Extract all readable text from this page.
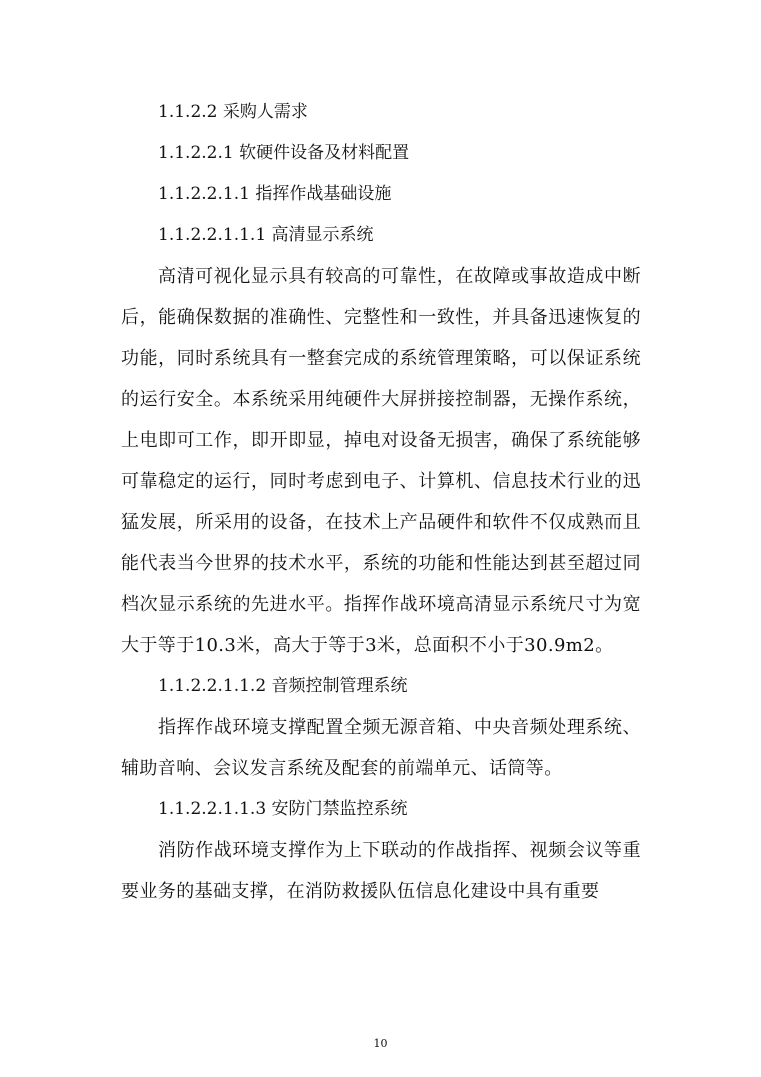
1.1.2.2 采购人需求

1.1.2.2.1 软硬件设备及材料配置

1.1.2.2.1.1 指挥作战基础设施

1.1.2.2.1.1.1 高清显示系统

高清可视化显示具有较高的可靠性，在故障或事故造成中断后，能确保数据的准确性、完整性和一致性，并具备迅速恢复的功能，同时系统具有一整套完成的系统管理策略，可以保证系统的运行安全。本系统采用纯硬件大屏拼接控制器，无操作系统，上电即可工作，即开即显，掉电对设备无损害，确保了系统能够可靠稳定的运行，同时考虑到电子、计算机、信息技术行业的迅猛发展，所采用的设备，在技术上产品硬件和软件不仅成熟而且能代表当今世界的技术水平，系统的功能和性能达到甚至超过同档次显示系统的先进水平。指挥作战环境高清显示系统尺寸为宽大于等于10.3米，高大于等于3米，总面积不小于30.9m2。

1.1.2.2.1.1.2 音频控制管理系统

指挥作战环境支撑配置全频无源音箱、中央音频处理系统、辅助音响、会议发言系统及配套的前端单元、话筒等。

1.1.2.2.1.1.3 安防门禁监控系统

消防作战环境支撑作为上下联动的作战指挥、视频会议等重要业务的基础支撑，在消防救援队伍信息化建设中具有重要

10
